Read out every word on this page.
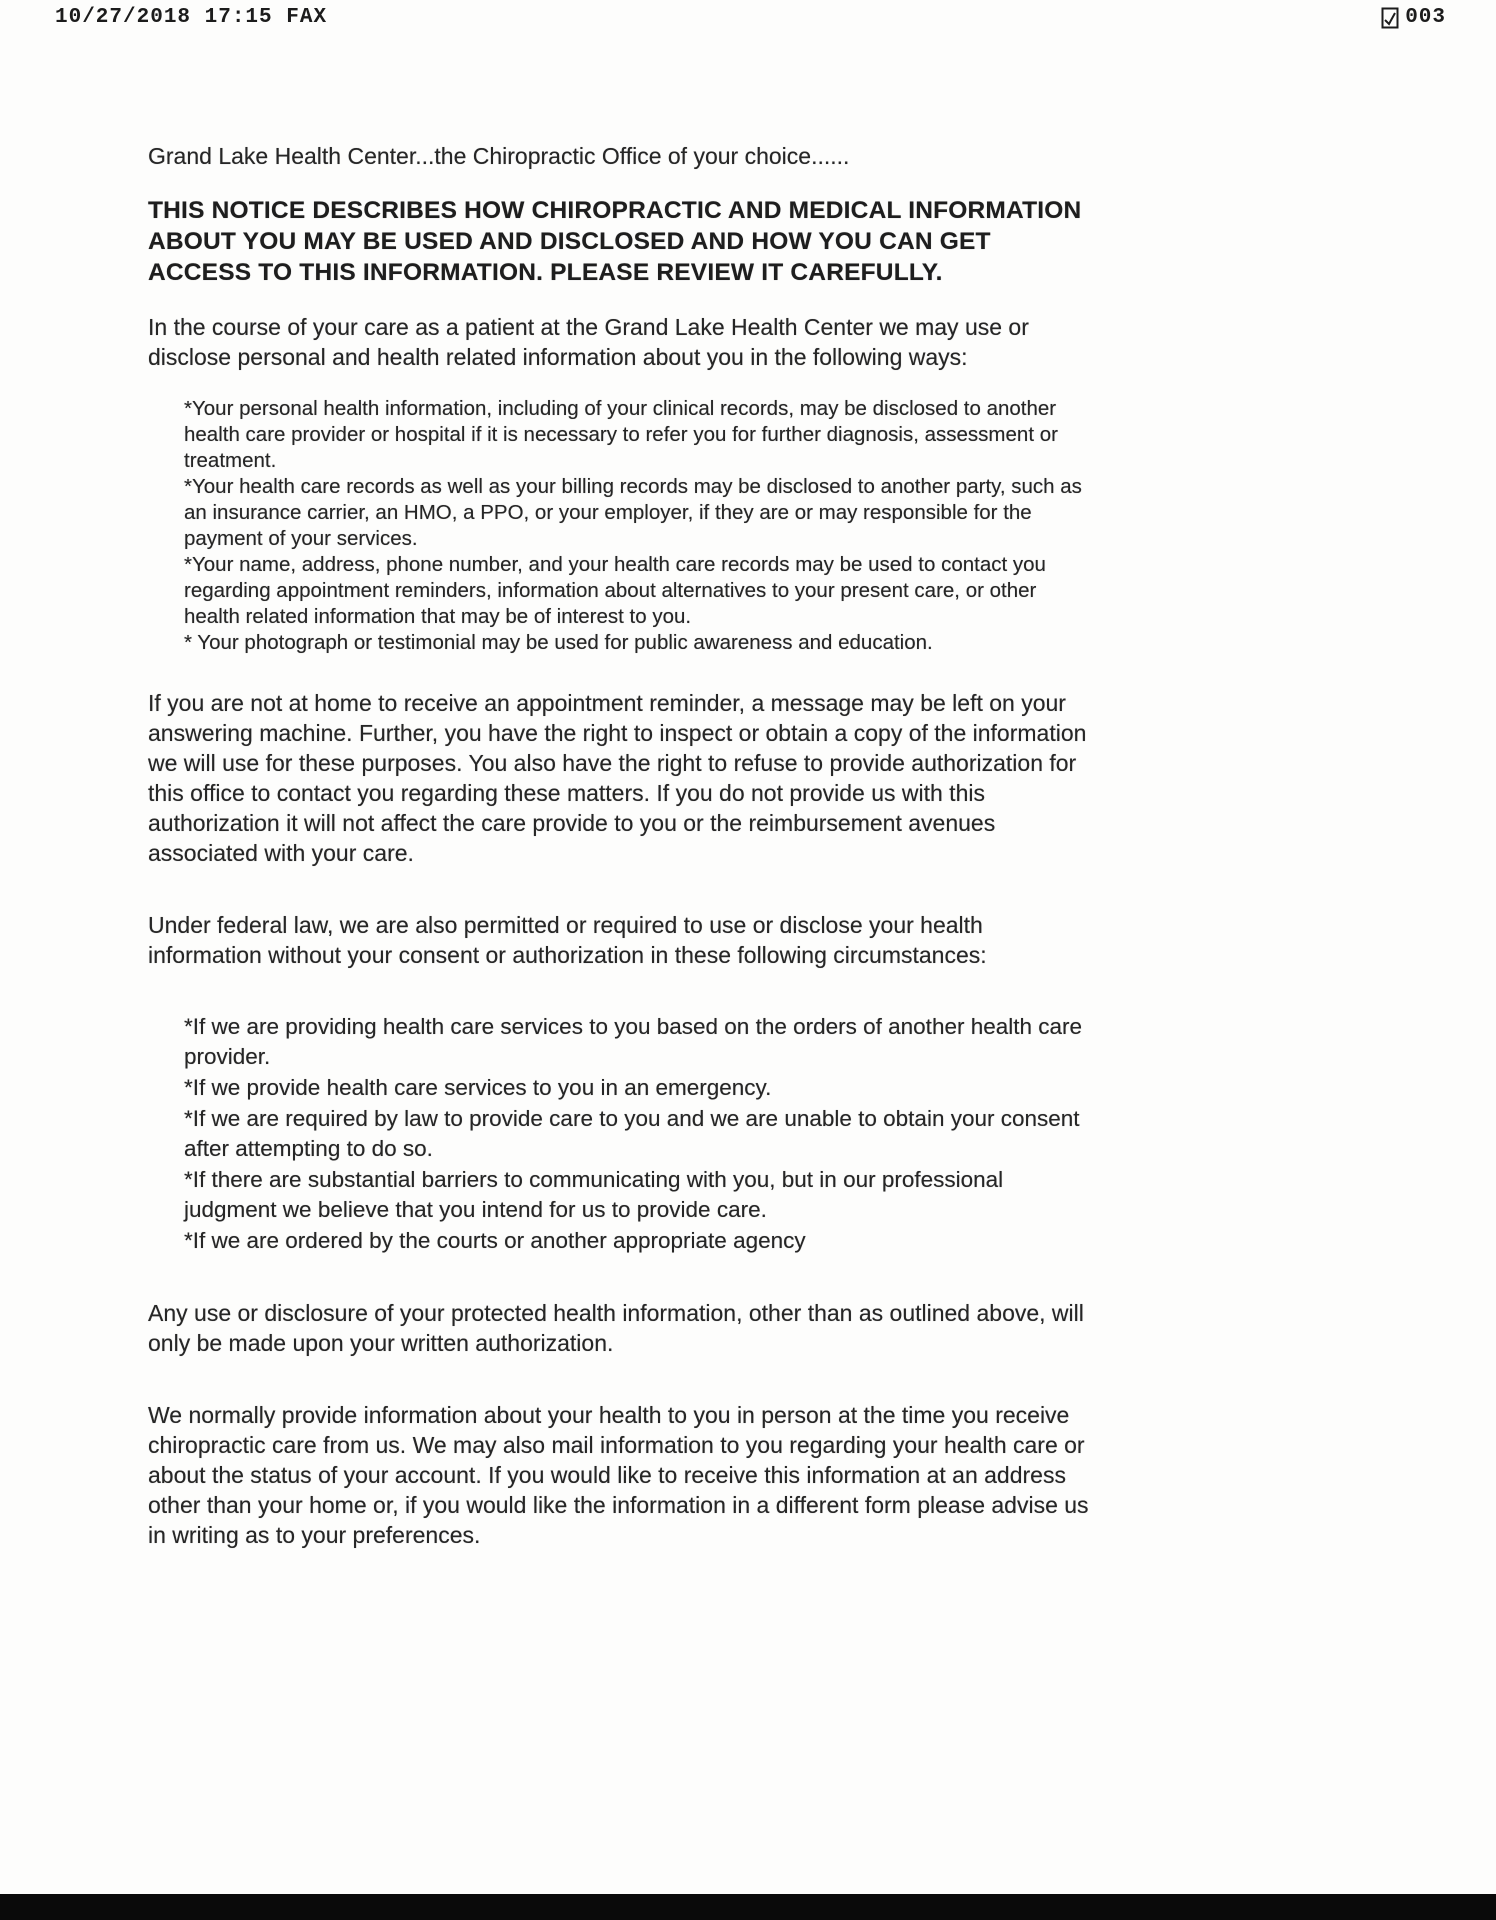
10/27/2018 17:15 FAX	003

Grand Lake Health Center...the Chiropractic Office of your choice......

THIS NOTICE DESCRIBES HOW CHIROPRACTIC AND MEDICAL INFORMATION ABOUT YOU MAY BE USED AND DISCLOSED AND HOW YOU CAN GET ACCESS TO THIS INFORMATION. PLEASE REVIEW IT CAREFULLY.

In the course of your care as a patient at the Grand Lake Health Center we may use or disclose personal and health related information about you in the following ways:

*Your personal health information, including of your clinical records, may be disclosed to another health care provider or hospital if it is necessary to refer you for further diagnosis, assessment or treatment.
*Your health care records as well as your billing records may be disclosed to another party, such as an insurance carrier, an HMO, a PPO, or your employer, if they are or may responsible for the payment of your services.
*Your name, address, phone number, and your health care records may be used to contact you regarding appointment reminders, information about alternatives to your present care, or other health related information that may be of interest to you.
* Your photograph or testimonial may be used for public awareness and education.

If you are not at home to receive an appointment reminder, a message may be left on your answering machine. Further, you have the right to inspect or obtain a copy of the information we will use for these purposes. You also have the right to refuse to provide authorization for this office to contact you regarding these matters. If you do not provide us with this authorization it will not affect the care provide to you or the reimbursement avenues associated with your care.

Under federal law, we are also permitted or required to use or disclose your health information without your consent or authorization in these following circumstances:

*If we are providing health care services to you based on the orders of another health care provider.
*If we provide health care services to you in an emergency.
*If we are required by law to provide care to you and we are unable to obtain your consent after attempting to do so.
*If there are substantial barriers to communicating with you, but in our professional judgment we believe that you intend for us to provide care.
*If we are ordered by the courts or another appropriate agency

Any use or disclosure of your protected health information, other than as outlined above, will only be made upon your written authorization.

We normally provide information about your health to you in person at the time you receive chiropractic care from us. We may also mail information to you regarding your health care or about the status of your account. If you would like to receive this information at an address other than your home or, if you would like the information in a different form please advise us in writing as to your preferences.
